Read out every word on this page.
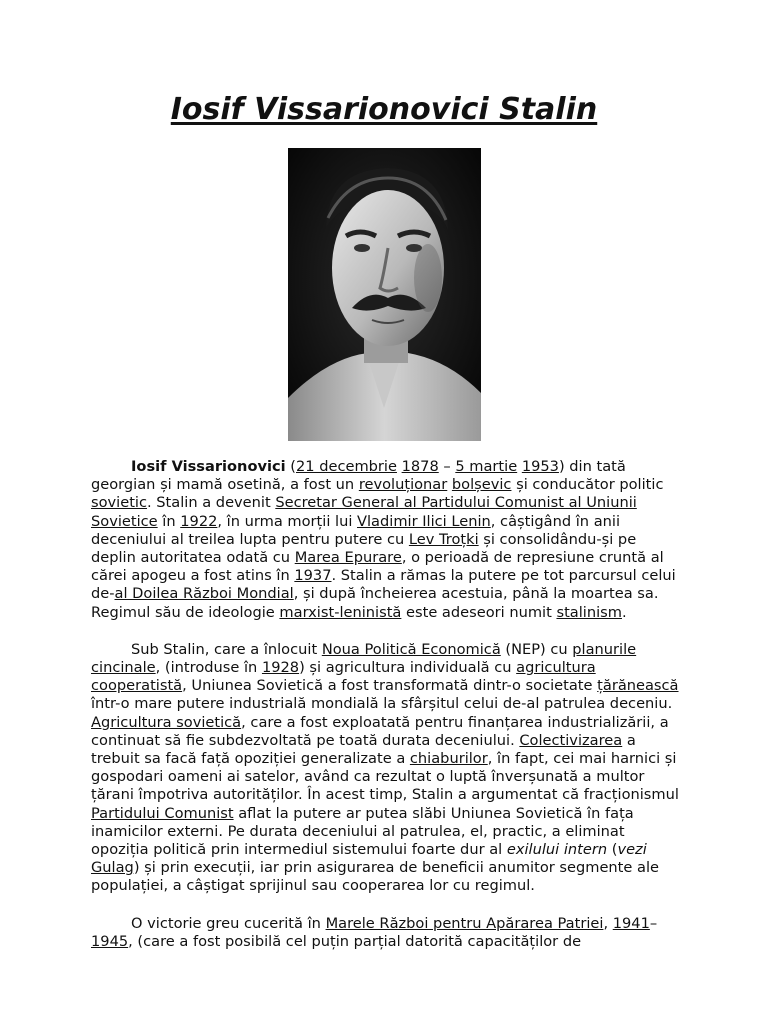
Iosif Vissarionovici Stalin

Iosif Vissarionovici (21 decembrie 1878 – 5 martie 1953) din tată georgian și mamă osetină, a fost un revoluționar bolșevic și conducător politic sovietic. Stalin a devenit Secretar General al Partidului Comunist al Uniunii Sovietice în 1922, în urma morții lui Vladimir Ilici Lenin, câștigând în anii deceniului al treilea lupta pentru putere cu Lev Troțki și consolidându-și pe deplin autoritatea odată cu Marea Epurare, o perioadă de represiune cruntă al cărei apogeu a fost atins în 1937. Stalin a rămas la putere pe tot parcursul celui de-al Doilea Război Mondial, și după încheierea acestuia, până la moartea sa. Regimul său de ideologie marxist-leninistă este adeseori numit stalinism.

Sub Stalin, care a înlocuit Noua Politică Economică (NEP) cu planurile cincinale, (introduse în 1928) și agricultura individuală cu agricultura cooperatistă, Uniunea Sovietică a fost transformată dintr-o societate țărănească într-o mare putere industrială mondială la sfârșitul celui de-al patrulea deceniu. Agricultura sovietică, care a fost exploatată pentru finanțarea industrializării, a continuat să fie subdezvoltată pe toată durata deceniului. Colectivizarea a trebuit sa facă față opoziției generalizate a chiaburilor, în fapt, cei mai harnici și gospodari oameni ai satelor, având ca rezultat o luptă înverșunată a multor țărani împotriva autorităților. În acest timp, Stalin a argumentat că fracționismul Partidului Comunist aflat la putere ar putea slăbi Uniunea Sovietică în fața inamicilor externi. Pe durata deceniului al patrulea, el, practic, a eliminat opoziția politică prin intermediul sistemului foarte dur al exilului intern (vezi Gulag) și prin execuții, iar prin asigurarea de beneficii anumitor segmente ale populației, a câștigat sprijinul sau cooperarea lor cu regimul.

O victorie greu cucerită în Marele Război pentru Apărarea Patriei, 1941–1945, (care a fost posibilă cel puțin parțial datorită capacităților de
